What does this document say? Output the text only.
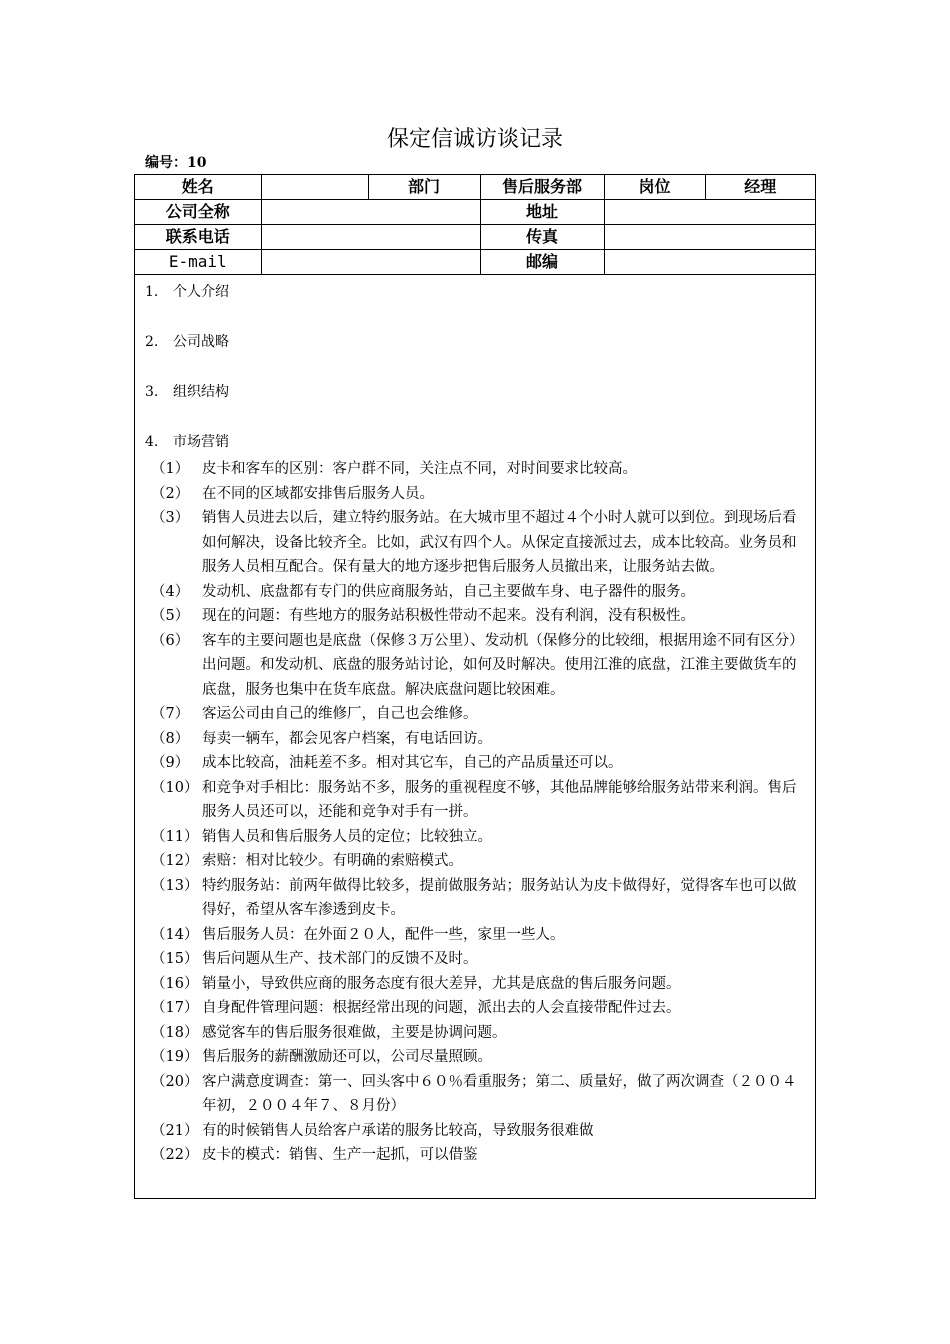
保定信诚访谈记录
编号：10
姓名		部门	售后服务部	岗位	经理
公司全称			地址		
联系电话			传真		
E-mail			邮编		
1. 个人介绍
2. 公司战略
3. 组织结构
4. 市场营销
（1） 皮卡和客车的区别：客户群不同，关注点不同，对时间要求比较高。
（2） 在不同的区域都安排售后服务人员。
（3） 销售人员进去以后，建立特约服务站。在大城市里不超过４个小时人就可以到位。到现场后看如何解决，设备比较齐全。比如，武汉有四个人。从保定直接派过去，成本比较高。业务员和服务人员相互配合。保有量大的地方逐步把售后服务人员撤出来，让服务站去做。
（4） 发动机、底盘都有专门的供应商服务站，自己主要做车身、电子器件的服务。
（5） 现在的问题：有些地方的服务站积极性带动不起来。没有利润，没有积极性。
（6） 客车的主要问题也是底盘（保修３万公里）、发动机（保修分的比较细，根据用途不同有区分）出问题。和发动机、底盘的服务站讨论，如何及时解决。使用江淮的底盘，江淮主要做货车的底盘，服务也集中在货车底盘。解决底盘问题比较困难。
（7） 客运公司由自己的维修厂，自己也会维修。
（8） 每卖一辆车，都会见客户档案，有电话回访。
（9） 成本比较高，油耗差不多。相对其它车，自己的产品质量还可以。
（10） 和竞争对手相比：服务站不多，服务的重视程度不够，其他品牌能够给服务站带来利润。售后服务人员还可以，还能和竞争对手有一拼。
（11） 销售人员和售后服务人员的定位；比较独立。
（12） 索赔：相对比较少。有明确的索赔模式。
（13） 特约服务站：前两年做得比较多，提前做服务站；服务站认为皮卡做得好，觉得客车也可以做得好，希望从客车渗透到皮卡。
（14） 售后服务人员：在外面２０人，配件一些，家里一些人。
（15） 售后问题从生产、技术部门的反馈不及时。
（16） 销量小，导致供应商的服务态度有很大差异，尤其是底盘的售后服务问题。
（17） 自身配件管理问题：根据经常出现的问题，派出去的人会直接带配件过去。
（18） 感觉客车的售后服务很难做，主要是协调问题。
（19） 售后服务的薪酬激励还可以，公司尽量照顾。
（20） 客户满意度调查：第一、回头客中６０％看重服务；第二、质量好，做了两次调查（２００４年初，２００４年７、８月份）
（21） 有的时候销售人员给客户承诺的服务比较高，导致服务很难做
（22） 皮卡的模式：销售、生产一起抓，可以借鉴
